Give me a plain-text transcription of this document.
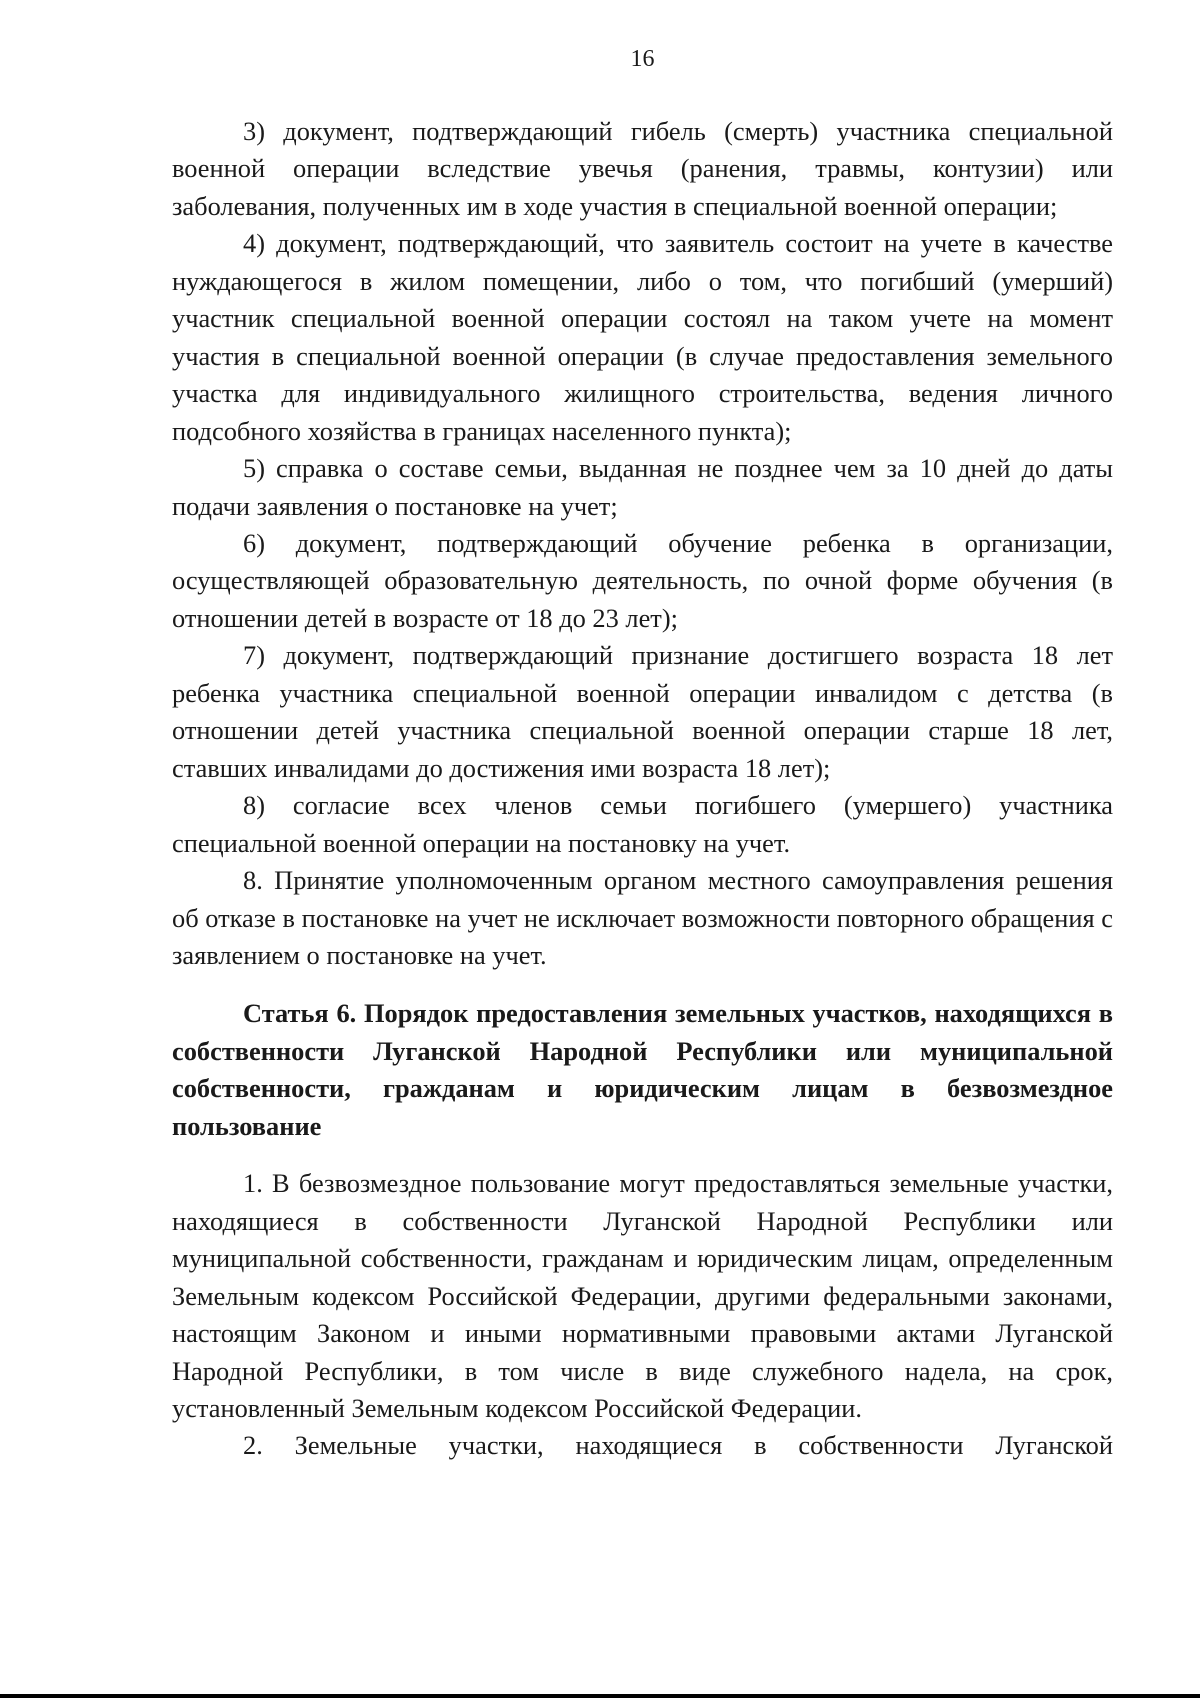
16

3) документ, подтверждающий гибель (смерть) участника специальной военной операции вследствие увечья (ранения, травмы, контузии) или заболевания, полученных им в ходе участия в специальной военной операции;

4) документ, подтверждающий, что заявитель состоит на учете в качестве нуждающегося в жилом помещении, либо о том, что погибший (умерший) участник специальной военной операции состоял на таком учете на момент участия в специальной военной операции (в случае предоставления земельного участка для индивидуального жилищного строительства, ведения личного подсобного хозяйства в границах населенного пункта);

5) справка о составе семьи, выданная не позднее чем за 10 дней до даты подачи заявления о постановке на учет;

6) документ, подтверждающий обучение ребенка в организации, осуществляющей образовательную деятельность, по очной форме обучения (в отношении детей в возрасте от 18 до 23 лет);

7) документ, подтверждающий признание достигшего возраста 18 лет ребенка участника специальной военной операции инвалидом с детства (в отношении детей участника специальной военной операции старше 18 лет, ставших инвалидами до достижения ими возраста 18 лет);

8) согласие всех членов семьи погибшего (умершего) участника специальной военной операции на постановку на учет.

8. Принятие уполномоченным органом местного самоуправления решения об отказе в постановке на учет не исключает возможности повторного обращения с заявлением о постановке на учет.

Статья 6. Порядок предоставления земельных участков, находящихся в собственности Луганской Народной Республики или муниципальной собственности, гражданам и юридическим лицам в безвозмездное пользование

1. В безвозмездное пользование могут предоставляться земельные участки, находящиеся в собственности Луганской Народной Республики или муниципальной собственности, гражданам и юридическим лицам, определенным Земельным кодексом Российской Федерации, другими федеральными законами, настоящим Законом и иными нормативными правовыми актами Луганской Народной Республики, в том числе в виде служебного надела, на срок, установленный Земельным кодексом Российской Федерации.

2. Земельные участки, находящиеся в собственности Луганской
